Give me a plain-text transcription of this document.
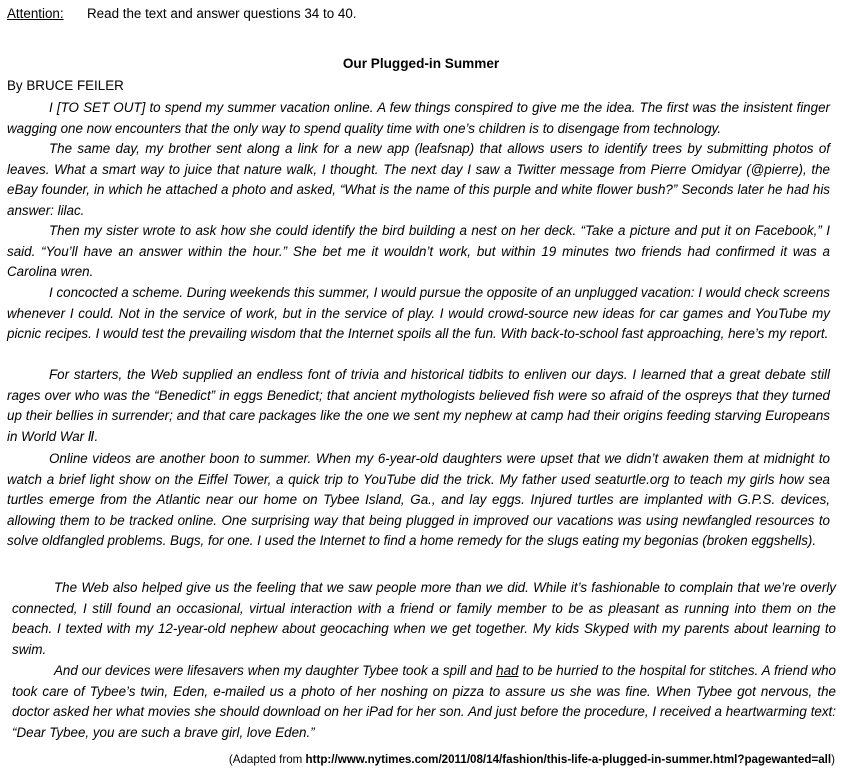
Attention: Read the text and answer questions 34 to 40.
Our Plugged-in Summer
By BRUCE FEILER

I [TO SET OUT] to spend my summer vacation online. A few things conspired to give me the idea. The first was the insistent finger wagging one now encounters that the only way to spend quality time with one’s children is to disengage from technology.

The same day, my brother sent along a link for a new app (leafsnap) that allows users to identify trees by submitting photos of leaves. What a smart way to juice that nature walk, I thought. The next day I saw a Twitter message from Pierre Omidyar (@pierre), the eBay founder, in which he attached a photo and asked, “What is the name of this purple and white flower bush?” Seconds later he had his answer: lilac.

Then my sister wrote to ask how she could identify the bird building a nest on her deck. “Take a picture and put it on Facebook,” I said. “You’ll have an answer within the hour.” She bet me it wouldn’t work, but within 19 minutes two friends had confirmed it was a Carolina wren.

I concocted a scheme. During weekends this summer, I would pursue the opposite of an unplugged vacation: I would check screens whenever I could. Not in the service of work, but in the service of play. I would crowd-source new ideas for car games and YouTube my picnic recipes. I would test the prevailing wisdom that the Internet spoils all the fun. With back-to-school fast approaching, here’s my report.

For starters, the Web supplied an endless font of trivia and historical tidbits to enliven our days. I learned that a great debate still rages over who was the “Benedict” in eggs Benedict; that ancient mythologists believed fish were so afraid of the ospreys that they turned up their bellies in surrender; and that care packages like the one we sent my nephew at camp had their origins feeding starving Europeans in World War Ⅱ.

Online videos are another boon to summer. When my 6-year-old daughters were upset that we didn’t awaken them at midnight to watch a brief light show on the Eiffel Tower, a quick trip to YouTube did the trick. My father used seaturtle.org to teach my girls how sea turtles emerge from the Atlantic near our home on Tybee Island, Ga., and lay eggs. Injured turtles are implanted with G.P.S. devices, allowing them to be tracked online. One surprising way that being plugged in improved our vacations was using newfangled resources to solve oldfangled problems. Bugs, for one. I used the Internet to find a home remedy for the slugs eating my begonias (broken eggshells).

The Web also helped give us the feeling that we saw people more than we did. While it’s fashionable to complain that we’re overly connected, I still found an occasional, virtual interaction with a friend or family member to be as pleasant as running into them on the beach. I texted with my 12-year-old nephew about geocaching when we get together. My kids Skyped with my parents about learning to swim.

And our devices were lifesavers when my daughter Tybee took a spill and had to be hurried to the hospital for stitches. A friend who took care of Tybee’s twin, Eden, e-mailed us a photo of her noshing on pizza to assure us she was fine. When Tybee got nervous, the doctor asked her what movies she should download on her iPad for her son. And just before the procedure, I received a heartwarming text: “Dear Tybee, you are such a brave girl, love Eden.”

(Adapted from http://www.nytimes.com/2011/08/14/fashion/this-life-a-plugged-in-summer.html?pagewanted=all)
